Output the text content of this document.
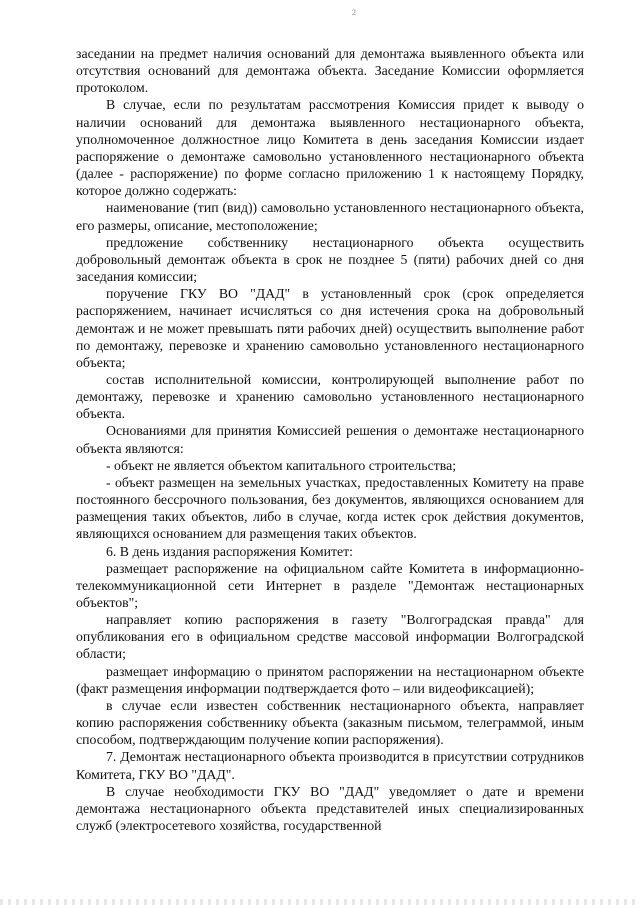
2

заседании на предмет наличия оснований для демонтажа выявленного объекта или отсутствия оснований для демонтажа объекта. Заседание Комиссии оформляется протоколом.

В случае, если по результатам рассмотрения Комиссия придет к выводу о наличии оснований для демонтажа выявленного нестационарного объекта, уполномоченное должностное лицо Комитета в день заседания Комиссии издает распоряжение о демонтаже самовольно установленного нестационарного объекта (далее - распоряжение) по форме согласно приложению 1 к настоящему Порядку, которое должно содержать:

наименование (тип (вид)) самовольно установленного нестационарного объекта, его размеры, описание, местоположение;

предложение собственнику нестационарного объекта осуществить добровольный демонтаж объекта в срок не позднее 5 (пяти) рабочих дней со дня заседания комиссии;

поручение ГКУ ВО "ДАД" в установленный срок (срок определяется распоряжением, начинает исчисляться со дня истечения срока на добровольный демонтаж и не может превышать пяти рабочих дней) осуществить выполнение работ по демонтажу, перевозке и хранению самовольно установленного нестационарного объекта;

состав исполнительной комиссии, контролирующей выполнение работ по демонтажу, перевозке и хранению самовольно установленного нестационарного объекта.

Основаниями для принятия Комиссией решения о демонтаже нестационарного объекта являются:

- объект не является объектом капитального строительства;

- объект размещен на земельных участках, предоставленных Комитету на праве постоянного бессрочного пользования, без документов, являющихся основанием для размещения таких объектов, либо в случае, когда истек срок действия документов, являющихся основанием для размещения таких объектов.

6. В день издания распоряжения Комитет:

размещает распоряжение на официальном сайте Комитета в информационно-телекоммуникационной сети Интернет в разделе "Демонтаж нестационарных объектов";

направляет копию распоряжения в газету "Волгоградская правда" для опубликования его в официальном средстве массовой информации Волгоградской области;

размещает информацию о принятом распоряжении на нестационарном объекте (факт размещения информации подтверждается фото – или видеофиксацией);

в случае если известен собственник нестационарного объекта, направляет копию распоряжения собственнику объекта (заказным письмом, телеграммой, иным способом, подтверждающим получение копии распоряжения).

7. Демонтаж нестационарного объекта производится в присутствии сотрудников Комитета, ГКУ ВО "ДАД".

В случае необходимости ГКУ ВО "ДАД" уведомляет о дате и времени демонтажа нестационарного объекта представителей иных специализированных служб (электросетевого хозяйства, государственной
